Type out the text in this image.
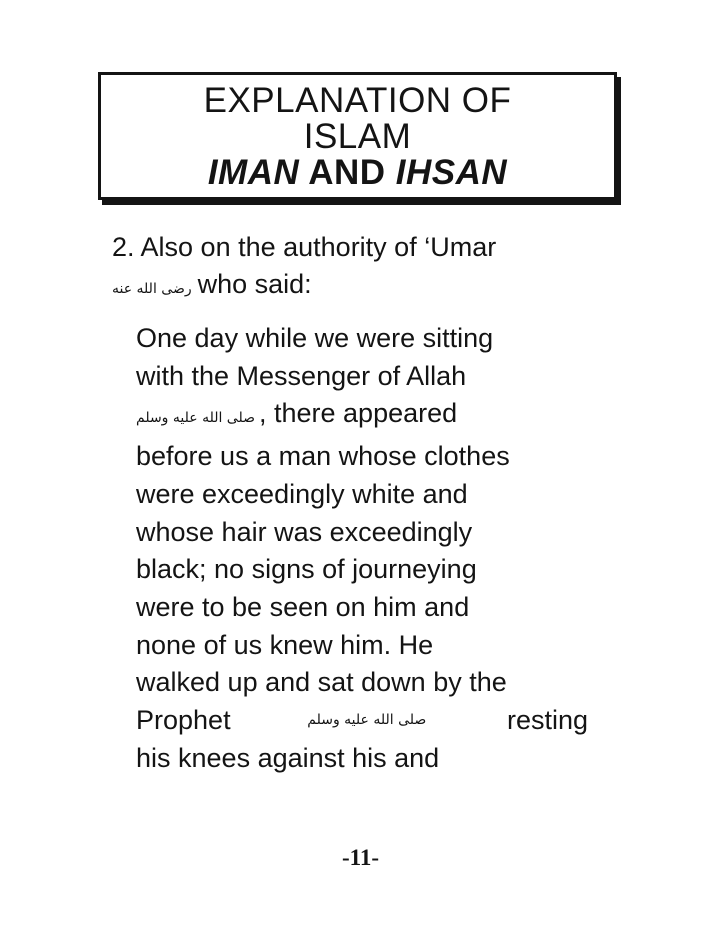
EXPLANATION OF
ISLAM
IMAN AND IHSAN
2. Also on the authority of ‘Umar
رضى الله عنه who said:
One day while we were sitting
with the Messenger of Allah
صلى الله عليه وسلم , there appeared
before us a man whose clothes
were exceedingly white and
whose hair was exceedingly
black; no signs of journeying
were to be seen on him and
none of us knew him. He
walked up and sat down by the
Prophet	صلى الله عليه وسلم	resting
his knees against his and
-11-
